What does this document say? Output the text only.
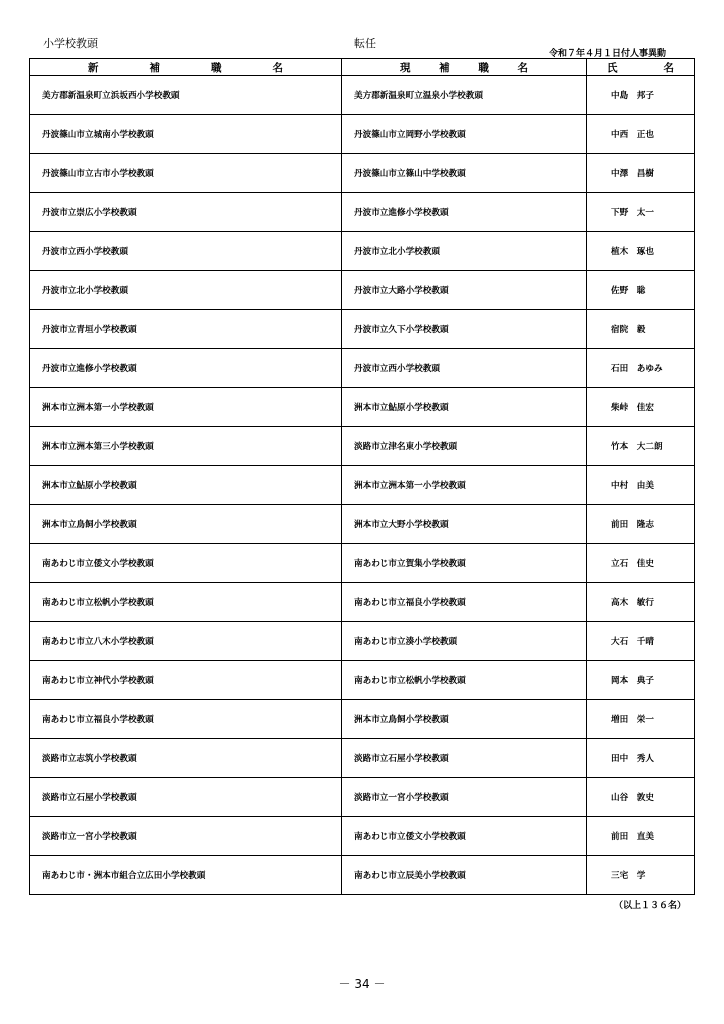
小学校教頭	転任
令和７年４月１日付人事異動
新 補 職 名	現 補 職 名	氏 名

美方郡新温泉町立浜坂西小学校教頭	美方郡新温泉町立温泉小学校教頭	中島　邦子
丹波篠山市立城南小学校教頭	丹波篠山市立岡野小学校教頭	中西　正也
丹波篠山市立古市小学校教頭	丹波篠山市立篠山中学校教頭	中澤　昌樹
丹波市立崇広小学校教頭	丹波市立進修小学校教頭	下野　太一
丹波市立西小学校教頭	丹波市立北小学校教頭	植木　琢也
丹波市立北小学校教頭	丹波市立大路小学校教頭	佐野　聡
丹波市立青垣小学校教頭	丹波市立久下小学校教頭	宿院　毅
丹波市立進修小学校教頭	丹波市立西小学校教頭	石田　あゆみ
洲本市立洲本第一小学校教頭	洲本市立鮎原小学校教頭	柴峠　佳宏
洲本市立洲本第三小学校教頭	淡路市立津名東小学校教頭	竹本　大二朗
洲本市立鮎原小学校教頭	洲本市立洲本第一小学校教頭	中村　由美
洲本市立鳥飼小学校教頭	洲本市立大野小学校教頭	前田　隆志
南あわじ市立倭文小学校教頭	南あわじ市立賀集小学校教頭	立石　佳史
南あわじ市立松帆小学校教頭	南あわじ市立福良小学校教頭	高木　敏行
南あわじ市立八木小学校教頭	南あわじ市立湊小学校教頭	大石　千晴
南あわじ市立神代小学校教頭	南あわじ市立松帆小学校教頭	岡本　典子
南あわじ市立福良小学校教頭	洲本市立鳥飼小学校教頭	増田　栄一
淡路市立志筑小学校教頭	淡路市立石屋小学校教頭	田中　秀人
淡路市立石屋小学校教頭	淡路市立一宮小学校教頭	山谷　敦史
淡路市立一宮小学校教頭	南あわじ市立倭文小学校教頭	前田　直美
南あわじ市・洲本市組合立広田小学校教頭	南あわじ市立辰美小学校教頭	三宅　学
（以上１３６名）
－ 34 －
